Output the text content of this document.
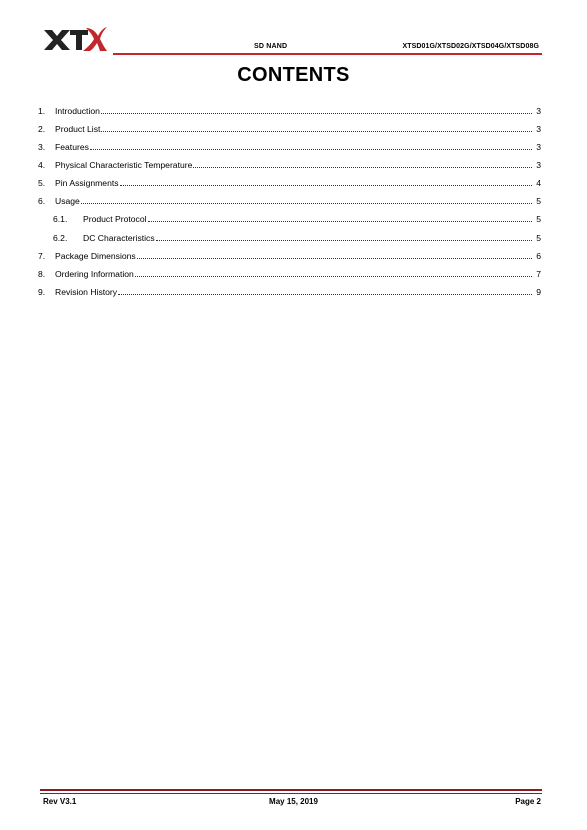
SD NAND	XTSD01G/XTSD02G/XTSD04G/XTSD08G
CONTENTS
1.	Introduction	3
2.	Product List	3
3.	Features	3
4.	Physical Characteristic Temperature	3
5.	Pin Assignments	4
6.	Usage	5
6.1.	Product Protocol	5
6.2.	DC Characteristics	5
7.	Package Dimensions	6
8.	Ordering Information	7
9.	Revision History	9
Rev V3.1	May 15, 2019	Page 2
